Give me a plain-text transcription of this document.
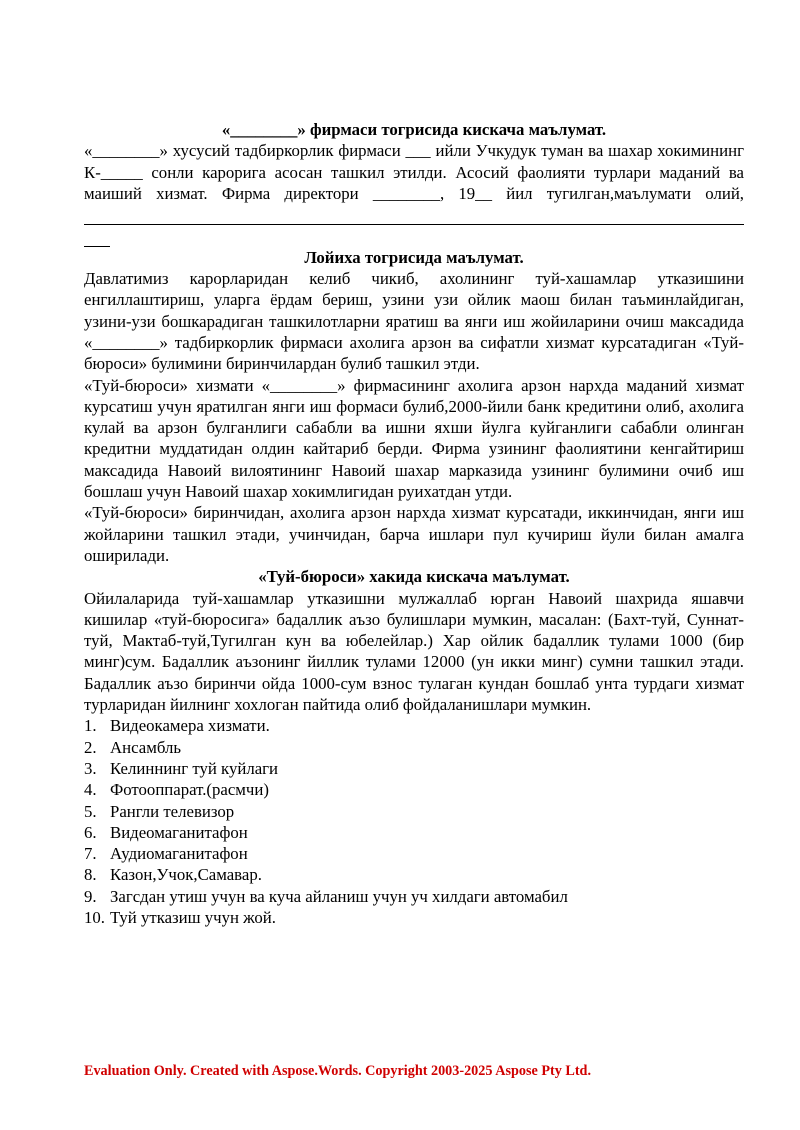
«________» фирмаси тогрисида кискача маълумат.

«________» хусусий тадбиркорлик фирмаси ___ ийли Учкудук туман ва шахар хокимининг К-_____ сонли карорига асосан ташкил этилди. Асосий фаолияти турлари маданий ва маиший хизмат. Фирма директори ________, 19__ йил тугилган,маълумати олий,

Лойиха тогрисида маълумат.

Давлатимиз карорларидан келиб чикиб, ахолининг туй-хашамлар утказишини енгиллаштириш, уларга ёрдам бериш, узини узи ойлик маош билан таъминлайдиган, узини-узи бошкарадиган ташкилотларни яратиш ва янги иш жойиларини очиш максадида «________» тадбиркорлик фирмаси ахолига арзон ва сифатли хизмат курсатадиган «Туй-бюроси» булимини биринчилардан булиб ташкил этди.

«Туй-бюроси» хизмати «________» фирмасининг ахолига арзон нархда маданий хизмат курсатиш учун яратилган янги иш формаси булиб,2000-йили банк кредитини олиб, ахолига кулай ва арзон булганлиги сабабли ва ишни яхши йулга куйганлиги сабабли олинган кредитни муддатидан олдин кайтариб берди. Фирма узининг фаолиятини кенгайтириш максадида Навоий вилоятининг Навоий шахар марказида узининг булимини очиб иш бошлаш учун Навоий шахар хокимлигидан руихатдан утди.

«Туй-бюроси» биринчидан, ахолига арзон нархда хизмат курсатади, иккинчидан, янги иш жойларини ташкил этади, учинчидан, барча ишлари пул кучириш йули билан амалга оширилади.

«Туй-бюроси» хакида кискача маълумат.

Ойилаларида туй-хашамлар утказишни мулжаллаб юрган Навоий шахрида яшавчи кишилар «туй-бюросига» бадаллик аъзо булишлари мумкин, масалан: (Бахт-туй, Суннат-туй, Мактаб-туй,Тугилган кун ва юбелейлар.) Хар ойлик бадаллик тулами 1000 (бир минг)сум. Бадаллик аъзонинг йиллик тулами 12000 (ун икки минг) сумни ташкил этади. Бадаллик аъзо биринчи ойда 1000-сум взнос тулаган кундан бошлаб унта турдаги хизмат турларидан йилнинг хохлоган пайтида олиб фойдаланишлари мумкин.

1. Видеокамера хизмати.
2. Ансамбль
3. Келиннинг туй куйлаги
4. Фотооппарат.(расмчи)
5. Рангли телевизор
6. Видеомаганитафон
7. Аудиомаганитафон
8. Казон,Учок,Самавар.
9. Загсдан утиш учун ва куча айланиш учун уч хилдаги автомабил
10. Туй утказиш учун жой.
Evaluation Only. Created with Aspose.Words. Copyright 2003-2025 Aspose Pty Ltd.
